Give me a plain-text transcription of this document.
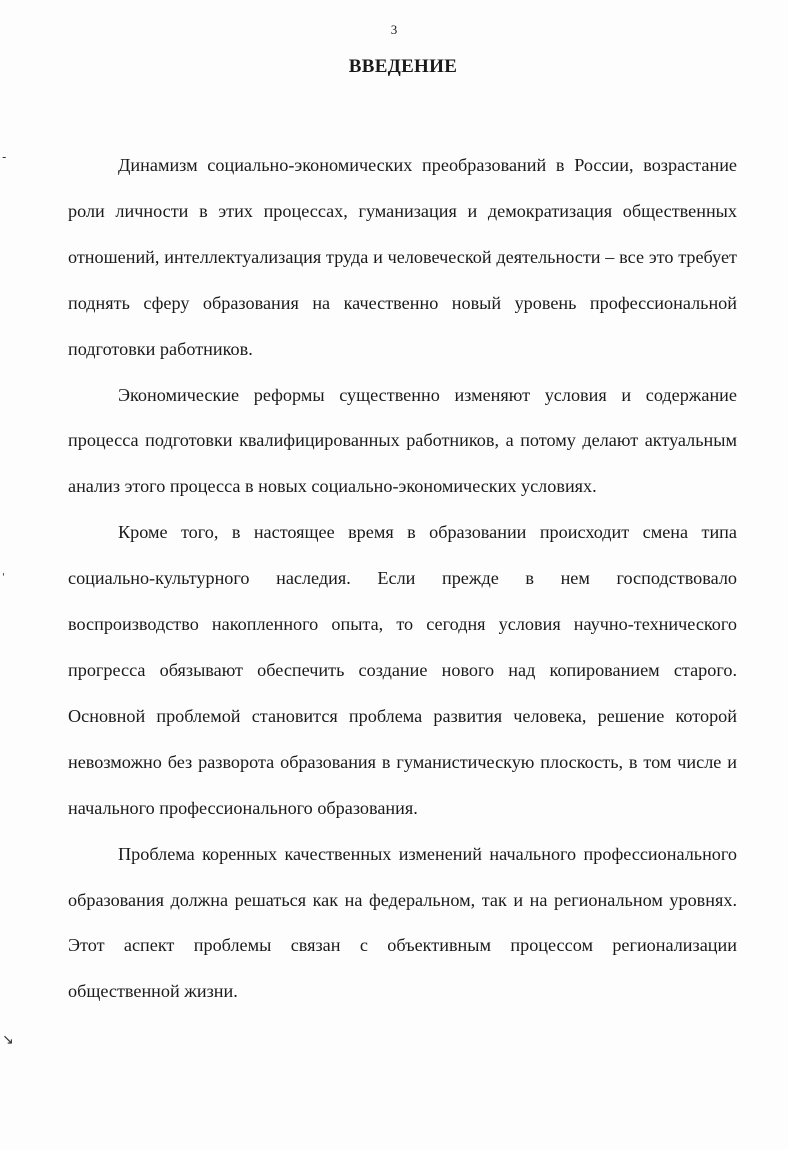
3
ВВЕДЕНИЕ

Динамизм социально-экономических преобразований в России, возрастание роли личности в этих процессах, гуманизация и демократизация общественных отношений, интеллектуализация труда и человеческой деятельности – все это требует поднять сферу образования на качественно новый уровень профессиональной подготовки работников.

Экономические реформы существенно изменяют условия и содержание процесса подготовки квалифицированных работников, а потому делают актуальным анализ этого процесса в новых социально-экономических условиях.

Кроме того, в настоящее время в образовании происходит смена типа социально-культурного наследия. Если прежде в нем господствовало воспроизводство накопленного опыта, то сегодня условия научно-технического прогресса обязывают обеспечить создание нового над копированием старого. Основной проблемой становится проблема развития человека, решение которой невозможно без разворота образования в гуманистическую плоскость, в том числе и начального профессионального образования.

Проблема коренных качественных изменений начального профессионального образования должна решаться как на федеральном, так и на региональном уровнях. Этот аспект проблемы связан с объективным процессом регионализации общественной жизни.

-
'
↘
